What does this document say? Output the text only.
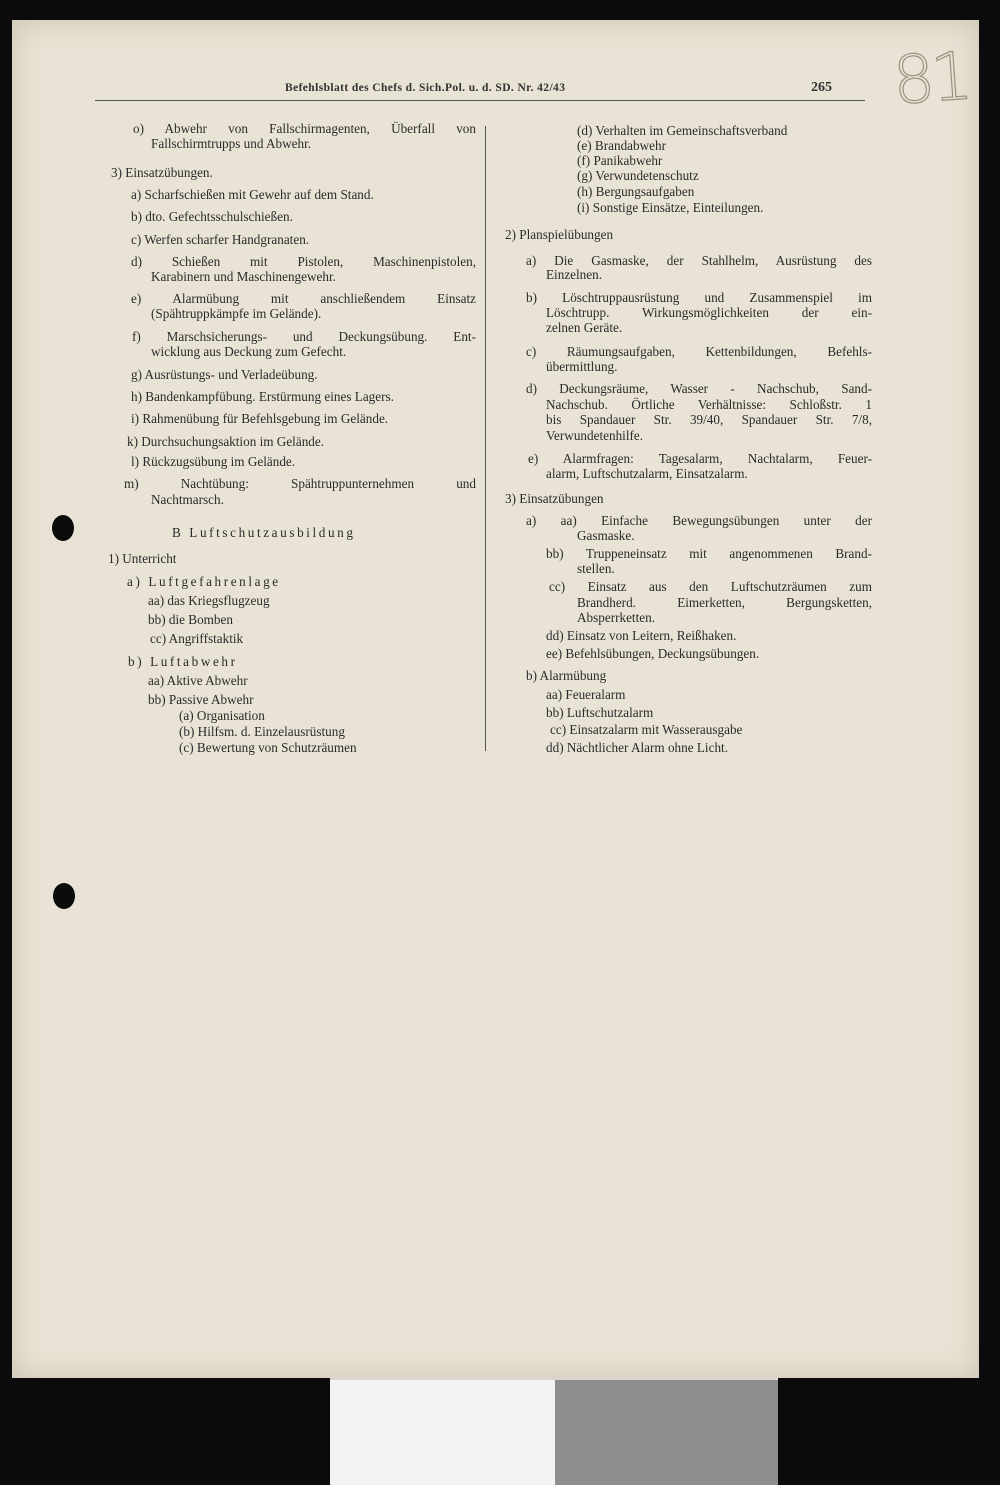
Befehlsblatt des Chefs d. Sich.Pol. u. d. SD. Nr. 42/43	265 81
o) Abwehr von Fallschirmagenten, Überfall von
Fallschirmtrupps und Abwehr.
3) Einsatzübungen.
a) Scharfschießen mit Gewehr auf dem Stand.
b) dto. Gefechtsschulschießen.
c) Werfen scharfer Handgranaten.
d) Schießen mit Pistolen, Maschinenpistolen,
Karabinern und Maschinengewehr.
e) Alarmübung mit anschließendem Einsatz
(Spähtruppkämpfe im Gelände).
f) Marschsicherungs- und Deckungsübung. Ent-
wicklung aus Deckung zum Gefecht.
g) Ausrüstungs- und Verladeübung.
h) Bandenkampfübung. Erstürmung eines Lagers.
i) Rahmenübung für Befehlsgebung im Gelände.
k) Durchsuchungsaktion im Gelände.
l) Rückzugsübung im Gelände.
m) Nachtübung: Spähtruppunternehmen und
Nachtmarsch.
B Luftschutzausbildung
1) Unterricht
a) Luftgefahrenlage
aa) das Kriegsflugzeug
bb) die Bomben
cc) Angriffstaktik
b) Luftabwehr
aa) Aktive Abwehr
bb) Passive Abwehr
(a) Organisation
(b) Hilfsm. d. Einzelausrüstung
(c) Bewertung von Schutzräumen
(d) Verhalten im Gemeinschaftsverband
(e) Brandabwehr
(f) Panikabwehr
(g) Verwundetenschutz
(h) Bergungsaufgaben
(i) Sonstige Einsätze, Einteilungen.
2) Planspielübungen
a) Die Gasmaske, der Stahlhelm, Ausrüstung des
Einzelnen.
b) Löschtruppausrüstung und Zusammenspiel im
Löschtrupp. Wirkungsmöglichkeiten der ein-
zelnen Geräte.
c) Räumungsaufgaben, Kettenbildungen, Befehls-
übermittlung.
d) Deckungsräume, Wasser - Nachschub, Sand-
Nachschub. Örtliche Verhältnisse: Schloßstr. 1
bis Spandauer Str. 39/40, Spandauer Str. 7/8,
Verwundetenhilfe.
e) Alarmfragen: Tagesalarm, Nachtalarm, Feuer-
alarm, Luftschutzalarm, Einsatzalarm.
3) Einsatzübungen
a) aa) Einfache Bewegungsübungen unter der
Gasmaske.
bb) Truppeneinsatz mit angenommenen Brand-
stellen.
cc) Einsatz aus den Luftschutzräumen zum
Brandherd. Eimerketten, Bergungsketten,
Absperrketten.
dd) Einsatz von Leitern, Reißhaken.
ee) Befehlsübungen, Deckungsübungen.
b) Alarmübung
aa) Feueralarm
bb) Luftschutzalarm
cc) Einsatzalarm mit Wasserausgabe
dd) Nächtlicher Alarm ohne Licht.
